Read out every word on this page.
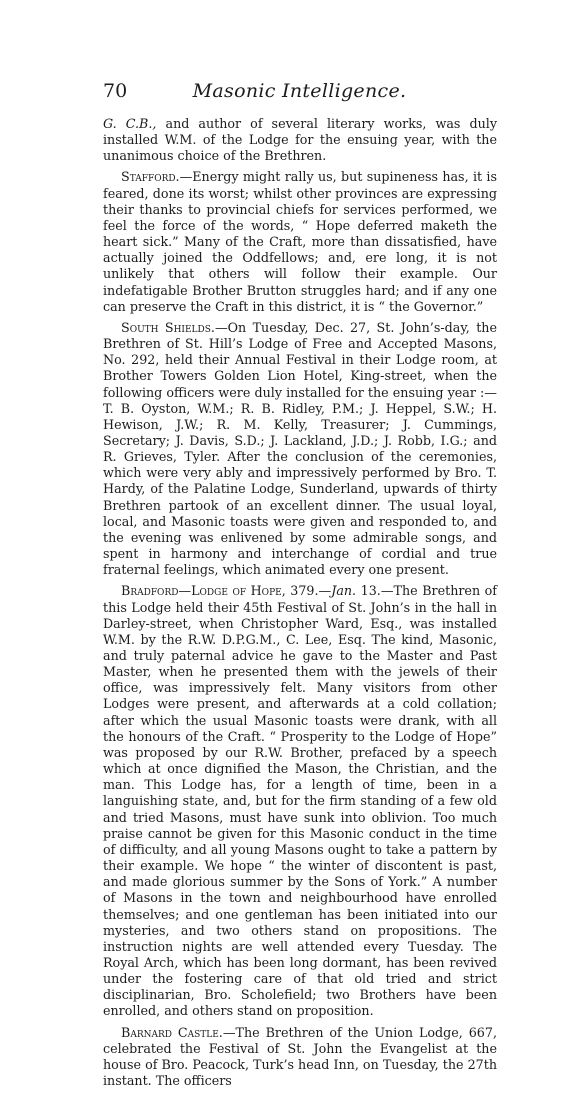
70	Masonic Intelligence.

G. C.B., and author of several literary works, was duly installed W.M. of the Lodge for the ensuing year, with the unanimous choice of the Brethren.

Stafford.—Energy might rally us, but supineness has, it is feared, done its worst; whilst other provinces are expressing their thanks to provincial chiefs for services performed, we feel the force of the words, “ Hope deferred maketh the heart sick.” Many of the Craft, more than dissatisfied, have actually joined the Oddfellows; and, ere long, it is not unlikely that others will follow their example. Our indefatigable Brother Brutton struggles hard; and if any one can preserve the Craft in this district, it is “ the Governor.”

South Shields.—On Tuesday, Dec. 27, St. John’s-day, the Brethren of St. Hill’s Lodge of Free and Accepted Masons, No. 292, held their Annual Festival in their Lodge room, at Brother Towers Golden Lion Hotel, King-street, when the following officers were duly installed for the ensuing year :—T. B. Oyston, W.M.; R. B. Ridley, P.M.; J. Heppel, S.W.; H. Hewison, J.W.; R. M. Kelly, Treasurer; J. Cummings, Secretary; J. Davis, S.D.; J. Lackland, J.D.; J. Robb, I.G.; and R. Grieves, Tyler. After the conclusion of the ceremonies, which were very ably and impressively performed by Bro. T. Hardy, of the Palatine Lodge, Sunderland, upwards of thirty Brethren partook of an excellent dinner. The usual loyal, local, and Masonic toasts were given and responded to, and the evening was enlivened by some admirable songs, and spent in harmony and interchange of cordial and true fraternal feelings, which animated every one present.

Bradford—Lodge of Hope, 379.—Jan. 13.—The Brethren of this Lodge held their 45th Festival of St. John’s in the hall in Darley-street, when Christopher Ward, Esq., was installed W.M. by the R.W. D.P.G.M., C. Lee, Esq. The kind, Masonic, and truly paternal advice he gave to the Master and Past Master, when he presented them with the jewels of their office, was impressively felt. Many visitors from other Lodges were present, and afterwards at a cold collation; after which the usual Masonic toasts were drank, with all the honours of the Craft. “ Prosperity to the Lodge of Hope” was proposed by our R.W. Brother, prefaced by a speech which at once dignified the Mason, the Christian, and the man. This Lodge has, for a length of time, been in a languishing state, and, but for the firm standing of a few old and tried Masons, must have sunk into oblivion. Too much praise cannot be given for this Masonic conduct in the time of difficulty, and all young Masons ought to take a pattern by their example. We hope “ the winter of discontent is past, and made glorious summer by the Sons of York.” A number of Masons in the town and neighbourhood have enrolled themselves; and one gentleman has been initiated into our mysteries, and two others stand on propositions. The instruction nights are well attended every Tuesday. The Royal Arch, which has been long dormant, has been revived under the fostering care of that old tried and strict disciplinarian, Bro. Scholefield; two Brothers have been enrolled, and others stand on proposition.

Barnard Castle.—The Brethren of the Union Lodge, 667, celebrated the Festival of St. John the Evangelist at the house of Bro. Peacock, Turk’s head Inn, on Tuesday, the 27th instant. The officers
